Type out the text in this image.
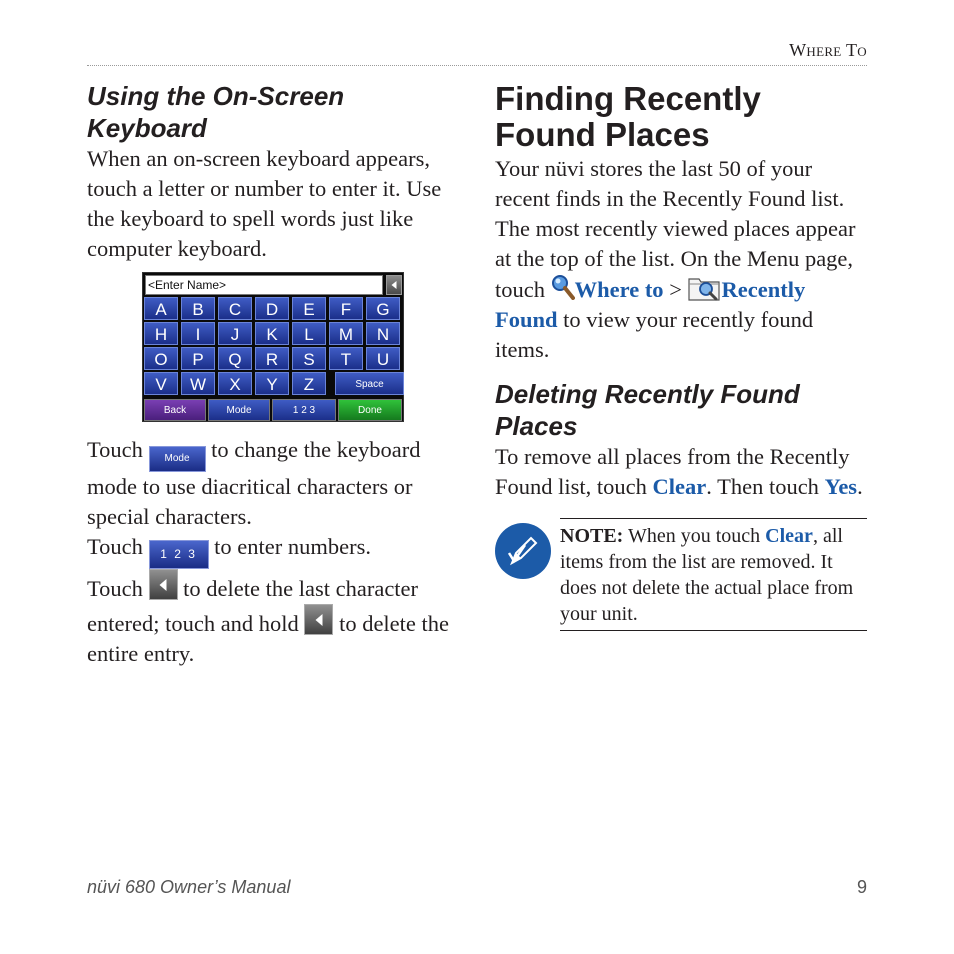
Where To
Using the On-Screen Keyboard

When an on-screen keyboard appears, touch a letter or number to enter it. Use the keyboard to spell words just like computer keyboard.

<Enter Name>
A	B	C	D	E	F	G
H	I	J	K	L	M	N
O	P	Q	R	S	T	U
V	W	X	Y	Z	Space
Back	Mode	1 2 3	Done

Touch Mode to change the keyboard mode to use diacritical characters or special characters.

Touch 1 2 3 to enter numbers.

Touch to delete the last character entered; touch and hold to delete the entire entry.

Finding Recently Found Places

Your nüvi stores the last 50 of your recent finds in the Recently Found list. The most recently viewed places appear at the top of the list. On the Menu page, touch Where to > Recently Found to view your recently found items.

Deleting Recently Found Places

To remove all places from the Recently Found list, touch Clear. Then touch Yes.

NOTE: When you touch Clear, all items from the list are removed. It does not delete the actual place from your unit.

nüvi 680 Owner’s Manual	9
